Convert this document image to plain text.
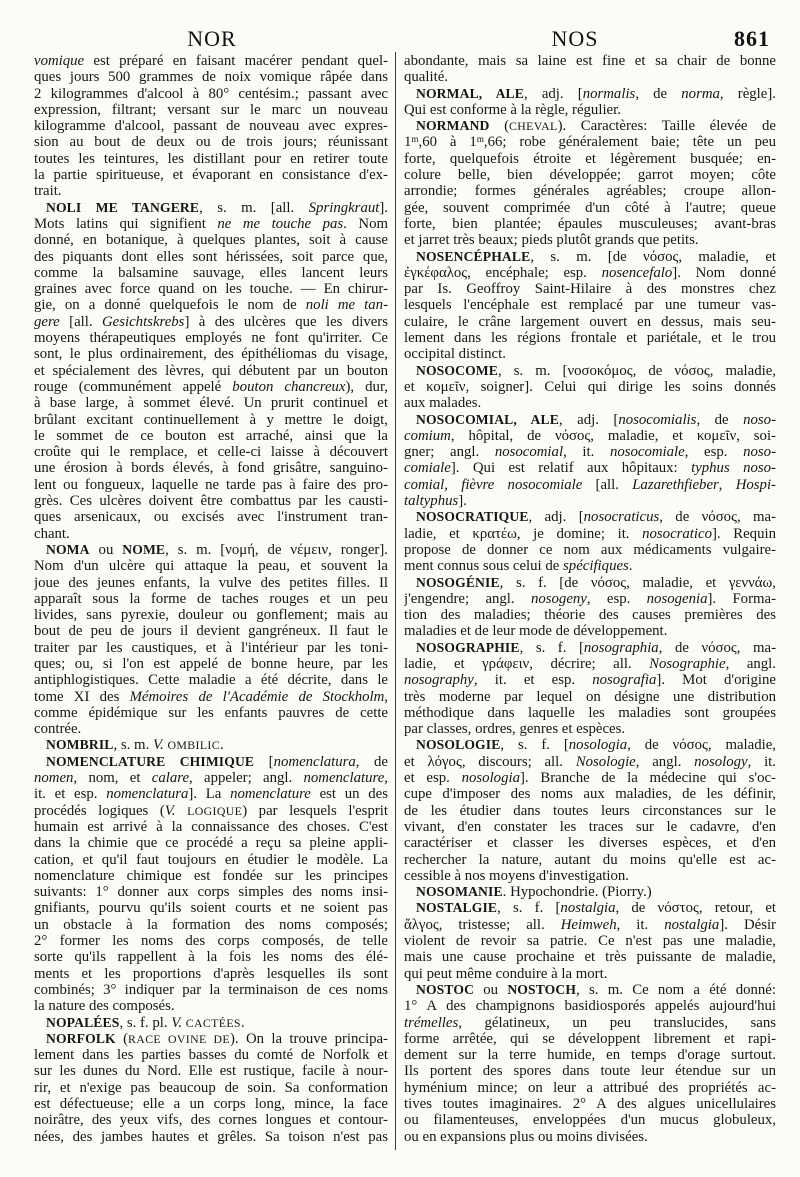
NOR	NOS	861
vomique est préparé en faisant macérer pendant quel-
ques jours 500 grammes de noix vomique râpée dans
2 kilogrammes d'alcool à 80° centésim.; passant avec
expression, filtrant; versant sur le marc un nouveau
kilogramme d'alcool, passant de nouveau avec expres-
sion au bout de deux ou de trois jours; réunissant
toutes les teintures, les distillant pour en retirer toute
la partie spiritueuse, et évaporant en consistance d'ex-
trait.
NOLI ME TANGERE, s. m. [all. Springkraut].
Mots latins qui signifient ne me touche pas. Nom
donné, en botanique, à quelques plantes, soit à cause
des piquants dont elles sont hérissées, soit parce que,
comme la balsamine sauvage, elles lancent leurs
graines avec force quand on les touche. — En chirur-
gie, on a donné quelquefois le nom de noli me tan-
gere [all. Gesichtskrebs] à des ulcères que les divers
moyens thérapeutiques employés ne font qu'irriter. Ce
sont, le plus ordinairement, des épithéliomas du visage,
et spécialement des lèvres, qui débutent par un bouton
rouge (communément appelé bouton chancreux), dur,
à base large, à sommet élevé. Un prurit continuel et
brûlant excitant continuellement à y mettre le doigt,
le sommet de ce bouton est arraché, ainsi que la
croûte qui le remplace, et celle-ci laisse à découvert
une érosion à bords élevés, à fond grisâtre, sanguino-
lent ou fongueux, laquelle ne tarde pas à faire des pro-
grès. Ces ulcères doivent être combattus par les causti-
ques arsenicaux, ou excisés avec l'instrument tran-
chant.
NOMA ou NOME, s. m. [νομή, de νέμειν, ronger].
Nom d'un ulcère qui attaque la peau, et souvent la
joue des jeunes enfants, la vulve des petites filles. Il
apparaît sous la forme de taches rouges et un peu
livides, sans pyrexie, douleur ou gonflement; mais au
bout de peu de jours il devient gangréneux. Il faut le
traiter par les caustiques, et à l'intérieur par les toni-
ques; ou, si l'on est appelé de bonne heure, par les
antiphlogistiques. Cette maladie a été décrite, dans le
tome XI des Mémoires de l'Académie de Stockholm,
comme épidémique sur les enfants pauvres de cette
contrée.
NOMBRIL, s. m. V. OMBILIC.
NOMENCLATURE CHIMIQUE [nomenclatura, de
nomen, nom, et calare, appeler; angl. nomenclature,
it. et esp. nomenclatura]. La nomenclature est un des
procédés logiques (V. LOGIQUE) par lesquels l'esprit
humain est arrivé à la connaissance des choses. C'est
dans la chimie que ce procédé a reçu sa pleine appli-
cation, et qu'il faut toujours en étudier le modèle. La
nomenclature chimique est fondée sur les principes
suivants: 1° donner aux corps simples des noms insi-
gnifiants, pourvu qu'ils soient courts et ne soient pas
un obstacle à la formation des noms composés;
2° former les noms des corps composés, de telle
sorte qu'ils rappellent à la fois les noms des élé-
ments et les proportions d'après lesquelles ils sont
combinés; 3° indiquer par la terminaison de ces noms
la nature des composés.
NOPALÉES, s. f. pl. V. CACTÉES.
NORFOLK (RACE OVINE DE). On la trouve principa-
lement dans les parties basses du comté de Norfolk et
sur les dunes du Nord. Elle est rustique, facile à nour-
rir, et n'exige pas beaucoup de soin. Sa conformation
est défectueuse; elle a un corps long, mince, la face
noirâtre, des yeux vifs, des cornes longues et contour-
nées, des jambes hautes et grêles. Sa toison n'est pas
abondante, mais sa laine est fine et sa chair de bonne
qualité.
NORMAL, ALE, adj. [normalis, de norma, règle].
Qui est conforme à la règle, régulier.
NORMAND (CHEVAL). Caractères: Taille élevée de
1$^m$,60 à 1$^m$,66; robe généralement baie; tête un peu
forte, quelquefois étroite et légèrement busquée; en-
colure belle, bien développée; garrot moyen; côte
arrondie; formes générales agréables; croupe allon-
gée, souvent comprimée d'un côté à l'autre; queue
forte, bien plantée; épaules musculeuses; avant-bras
et jarret très beaux; pieds plutôt grands que petits.
NOSENCÉPHALE, s. m. [de νόσος, maladie, et
ἐγκέφαλος, encéphale; esp. nosencefalo]. Nom donné
par Is. Geoffroy Saint-Hilaire à des monstres chez
lesquels l'encéphale est remplacé par une tumeur vas-
culaire, le crâne largement ouvert en dessus, mais seu-
lement dans les régions frontale et pariétale, et le trou
occipital distinct.
NOSOCOME, s. m. [νοσοκόμος, de νόσος, maladie,
et κομεῖν, soigner]. Celui qui dirige les soins donnés
aux malades.
NOSOCOMIAL, ALE, adj. [nosocomialis, de noso-
comium, hôpital, de νόσος, maladie, et κομεῖν, soi-
gner; angl. nosocomial, it. nosocomiale, esp. noso-
comiale]. Qui est relatif aux hôpitaux: typhus noso-
comial, fièvre nosocomiale [all. Lazarethfieber, Hospi-
taltyphus].
NOSOCRATIQUE, adj. [nosocraticus, de νόσος, ma-
ladie, et κρατέω, je domine; it. nosocratico]. Requin
propose de donner ce nom aux médicaments vulgaire-
ment connus sous celui de spécifiques.
NOSOGÉNIE, s. f. [de νόσος, maladie, et γεννάω,
j'engendre; angl. nosogeny, esp. nosogenia]. Forma-
tion des maladies; théorie des causes premières des
maladies et de leur mode de développement.
NOSOGRAPHIE, s. f. [nosographia, de νόσος, ma-
ladie, et γράφειν, décrire; all. Nosographie, angl.
nosography, it. et esp. nosografia]. Mot d'origine
très moderne par lequel on désigne une distribution
méthodique dans laquelle les maladies sont groupées
par classes, ordres, genres et espèces.
NOSOLOGIE, s. f. [nosologia, de νόσος, maladie,
et λόγος, discours; all. Nosologie, angl. nosology, it.
et esp. nosologia]. Branche de la médecine qui s'oc-
cupe d'imposer des noms aux maladies, de les définir,
de les étudier dans toutes leurs circonstances sur le
vivant, d'en constater les traces sur le cadavre, d'en
caractériser et classer les diverses espèces, et d'en
rechercher la nature, autant du moins qu'elle est ac-
cessible à nos moyens d'investigation.
NOSOMANIE. Hypochondrie. (Piorry.)
NOSTALGIE, s. f. [nostalgia, de νόστος, retour, et
ἄλγος, tristesse; all. Heimweh, it. nostalgia]. Désir
violent de revoir sa patrie. Ce n'est pas une maladie,
mais une cause prochaine et très puissante de maladie,
qui peut même conduire à la mort.
NOSTOC ou NOSTOCH, s. m. Ce nom a été donné:
1° A des champignons basidiosporés appelés aujourd'hui
trémelles, gélatineux, un peu translucides, sans
forme arrêtée, qui se développent librement et rapi-
dement sur la terre humide, en temps d'orage surtout.
Ils portent des spores dans toute leur étendue sur un
hyménium mince; on leur a attribué des propriétés ac-
tives toutes imaginaires. 2° A des algues unicellulaires
ou filamenteuses, enveloppées d'un mucus globuleux,
ou en expansions plus ou moins divisées.
